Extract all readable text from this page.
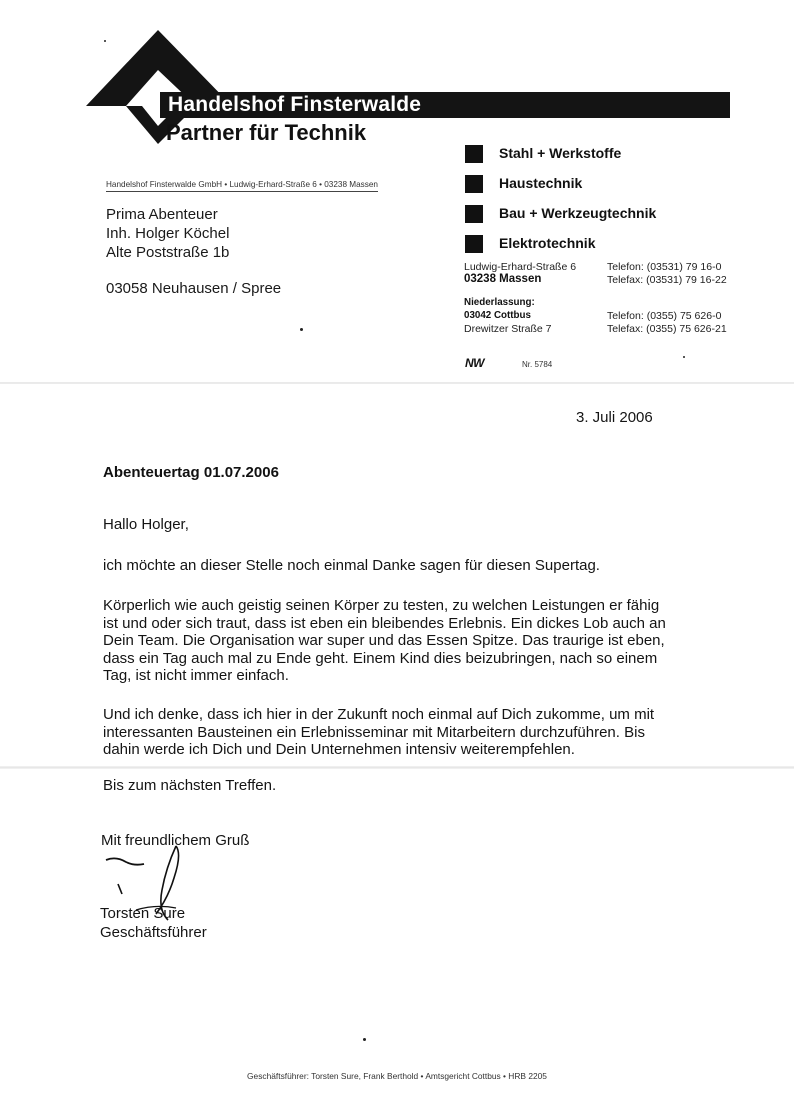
Handelshof Finsterwalde
Partner für Technik
Handelshof Finsterwalde GmbH • Ludwig-Erhard-Straße 6 • 03238 Massen
Prima Abenteuer
Inh. Holger Köchel
Alte Poststraße 1b
03058 Neuhausen / Spree
Stahl + Werkstoffe
Haustechnik
Bau + Werkzeugtechnik
Elektrotechnik
Ludwig-Erhard-Straße 6
03238 Massen
Telefon: (03531) 79 16-0
Telefax: (03531) 79 16-22
Niederlassung:
03042 Cottbus
Drewitzer Straße 7
Telefon: (0355) 75 626-0
Telefax: (0355) 75 626-21
NW	Nr. 5784
3. Juli 2006
Abenteuertag 01.07.2006
Hallo Holger,
ich möchte an dieser Stelle noch einmal Danke sagen für diesen Supertag.
Körperlich wie auch geistig seinen Körper zu testen, zu welchen Leistungen er fähig
ist und oder sich traut, dass ist eben ein bleibendes Erlebnis. Ein dickes Lob auch an
Dein Team. Die Organisation war super und das Essen Spitze. Das traurige ist eben,
dass ein Tag auch mal zu Ende geht. Einem Kind dies beizubringen, nach so einem
Tag, ist nicht immer einfach.
Und ich denke, dass ich hier in der Zukunft noch einmal auf Dich zukomme, um mit
interessanten Bausteinen ein Erlebnisseminar mit Mitarbeitern durchzuführen. Bis
dahin werde ich Dich und Dein Unternehmen intensiv weiterempfehlen.
Bis zum nächsten Treffen.
Mit freundlichem Gruß
Torsten Sure
Geschäftsführer
Geschäftsführer: Torsten Sure, Frank Berthold • Amtsgericht Cottbus • HRB 2205
